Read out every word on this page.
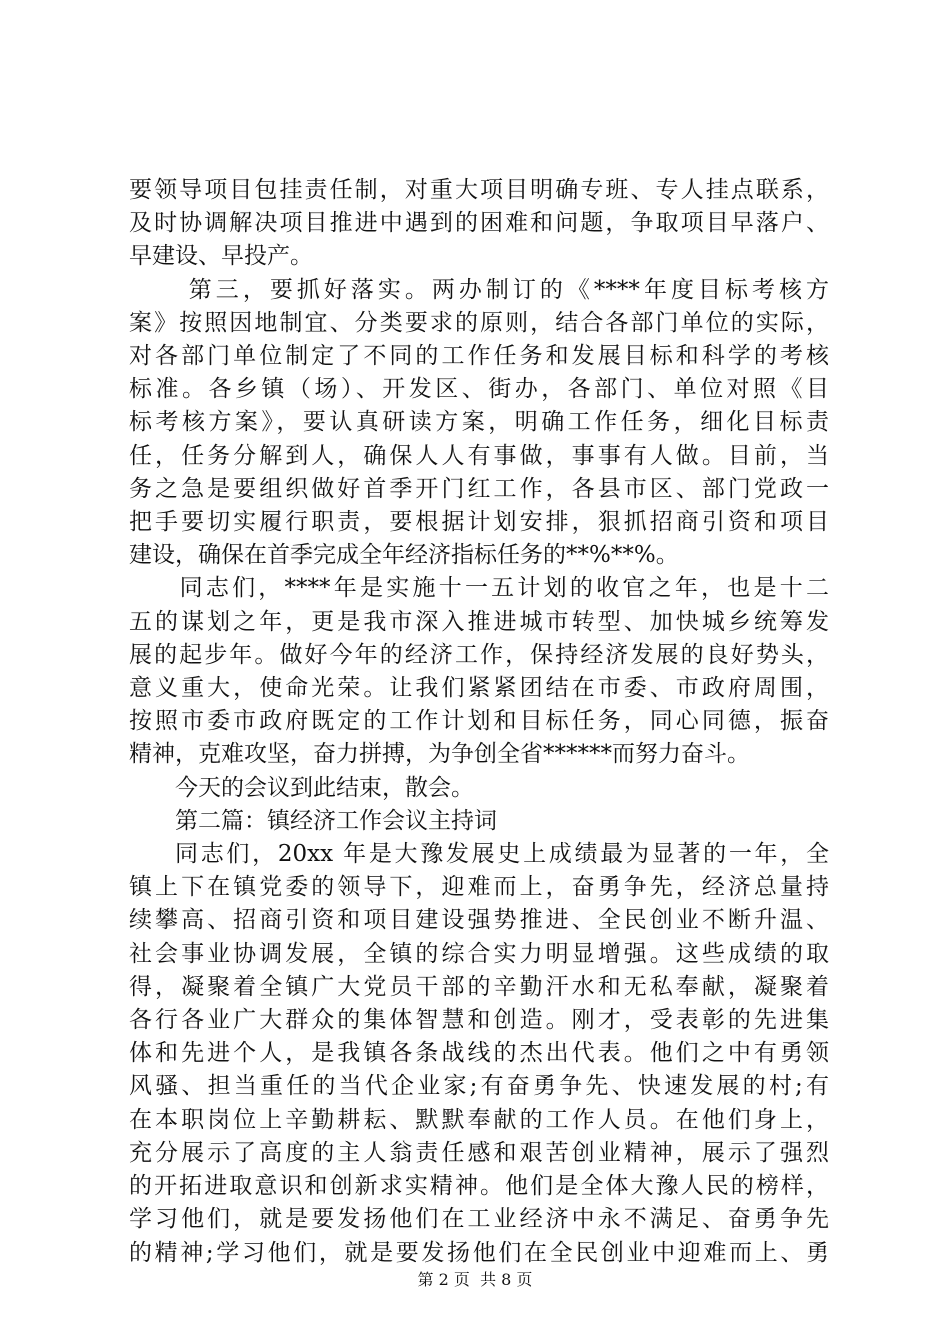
要领导项目包挂责任制，对重大项目明确专班、专人挂点联系，
及时协调解决项目推进中遇到的困难和问题，争取项目早落户、
早建设、早投产。
第三，要抓好落实。两办制订的《****年度目标考核方
案》按照因地制宜、分类要求的原则，结合各部门单位的实际，
对各部门单位制定了不同的工作任务和发展目标和科学的考核
标准。各乡镇（场）、开发区、街办，各部门、单位对照《目
标考核方案》，要认真研读方案，明确工作任务，细化目标责
任，任务分解到人，确保人人有事做，事事有人做。目前，当
务之急是要组织做好首季开门红工作，各县市区、部门党政一
把手要切实履行职责，要根据计划安排，狠抓招商引资和项目
建设，确保在首季完成全年经济指标任务的**%**%。
同志们，****年是实施十一五计划的收官之年，也是十二
五的谋划之年，更是我市深入推进城市转型、加快城乡统筹发
展的起步年。做好今年的经济工作，保持经济发展的良好势头，
意义重大，使命光荣。让我们紧紧团结在市委、市政府周围，
按照市委市政府既定的工作计划和目标任务，同心同德，振奋
精神，克难攻坚，奋力拼搏，为争创全省******而努力奋斗。
今天的会议到此结束，散会。
第二篇：镇经济工作会议主持词
同志们，20xx 年是大豫发展史上成绩最为显著的一年，全
镇上下在镇党委的领导下，迎难而上，奋勇争先，经济总量持
续攀高、招商引资和项目建设强势推进、全民创业不断升温、
社会事业协调发展，全镇的综合实力明显增强。这些成绩的取
得，凝聚着全镇广大党员干部的辛勤汗水和无私奉献，凝聚着
各行各业广大群众的集体智慧和创造。刚才，受表彰的先进集
体和先进个人，是我镇各条战线的杰出代表。他们之中有勇领
风骚、担当重任的当代企业家;有奋勇争先、快速发展的村;有
在本职岗位上辛勤耕耘、默默奉献的工作人员。在他们身上，
充分展示了高度的主人翁责任感和艰苦创业精神，展示了强烈
的开拓进取意识和创新求实精神。他们是全体大豫人民的榜样，
学习他们，就是要发扬他们在工业经济中永不满足、奋勇争先
的精神;学习他们，就是要发扬他们在全民创业中迎难而上、勇
第 2 页  共 8 页
